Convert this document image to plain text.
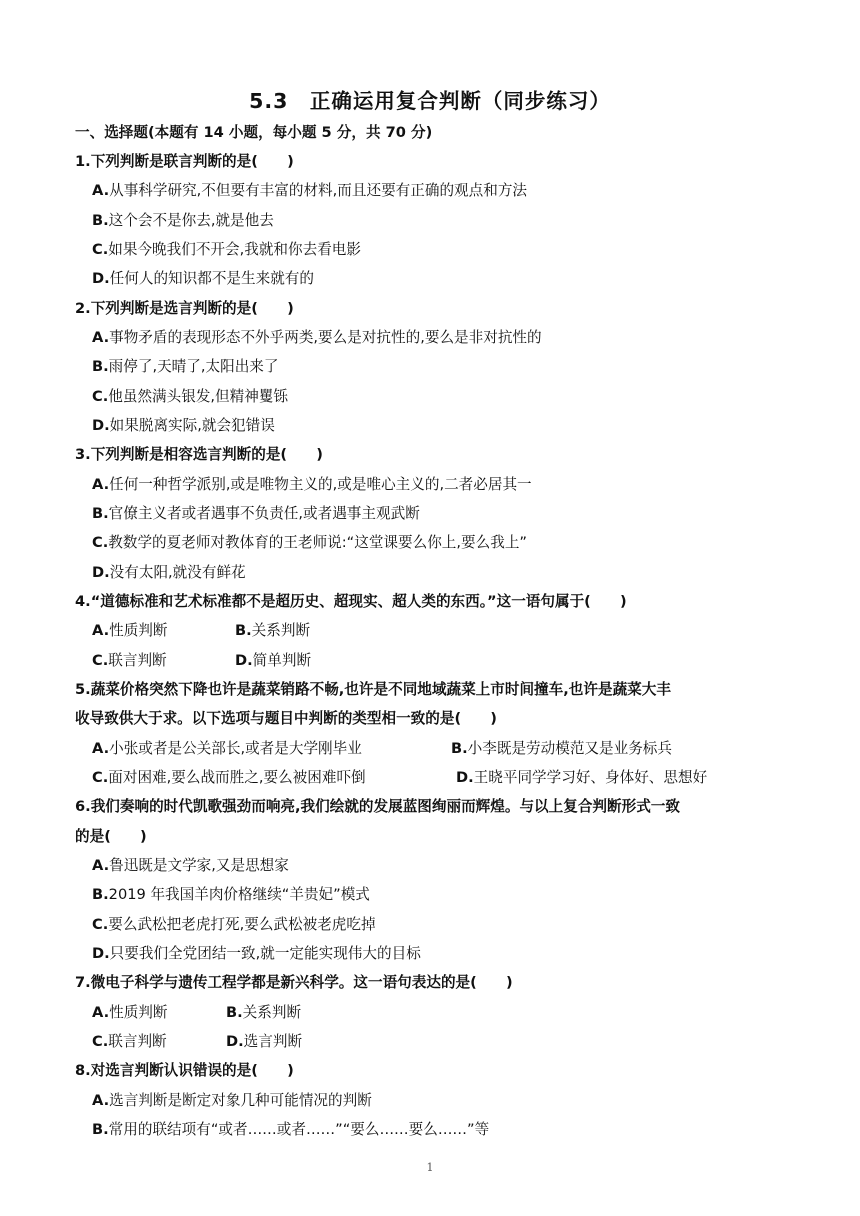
5.3　正确运用复合判断（同步练习）
一、选择题(本题有 14 小题，每小题 5 分，共 70 分)
1.下列判断是联言判断的是(　　)
A.从事科学研究,不但要有丰富的材料,而且还要有正确的观点和方法
B.这个会不是你去,就是他去
C.如果今晚我们不开会,我就和你去看电影
D.任何人的知识都不是生来就有的
2.下列判断是选言判断的是(　　)
A.事物矛盾的表现形态不外乎两类,要么是对抗性的,要么是非对抗性的
B.雨停了,天晴了,太阳出来了
C.他虽然满头银发,但精神矍铄
D.如果脱离实际,就会犯错误
3.下列判断是相容选言判断的是(　　)
A.任何一种哲学派别,或是唯物主义的,或是唯心主义的,二者必居其一
B.官僚主义者或者遇事不负责任,或者遇事主观武断
C.教数学的夏老师对教体育的王老师说:“这堂课要么你上,要么我上”
D.没有太阳,就没有鲜花
4.“道德标准和艺术标准都不是超历史、超现实、超人类的东西。”这一语句属于(　　)
A.性质判断	B.关系判断
C.联言判断	D.简单判断
5.蔬菜价格突然下降也许是蔬菜销路不畅,也许是不同地域蔬菜上市时间撞车,也许是蔬菜大丰
收导致供大于求。以下选项与题目中判断的类型相一致的是(　　)
A.小张或者是公关部长,或者是大学刚毕业	B.小李既是劳动模范又是业务标兵
C.面对困难,要么战而胜之,要么被困难吓倒	D.王晓平同学学习好、身体好、思想好
6.我们奏响的时代凯歌强劲而响亮,我们绘就的发展蓝图绚丽而辉煌。与以上复合判断形式一致
的是(　　)
A.鲁迅既是文学家,又是思想家
B.2019 年我国羊肉价格继续“羊贵妃”模式
C.要么武松把老虎打死,要么武松被老虎吃掉
D.只要我们全党团结一致,就一定能实现伟大的目标
7.微电子科学与遗传工程学都是新兴科学。这一语句表达的是(　　)
A.性质判断	B.关系判断
C.联言判断	D.选言判断
8.对选言判断认识错误的是(　　)
A.选言判断是断定对象几种可能情况的判断
B.常用的联结项有“或者……或者……”“要么……要么……”等
1
